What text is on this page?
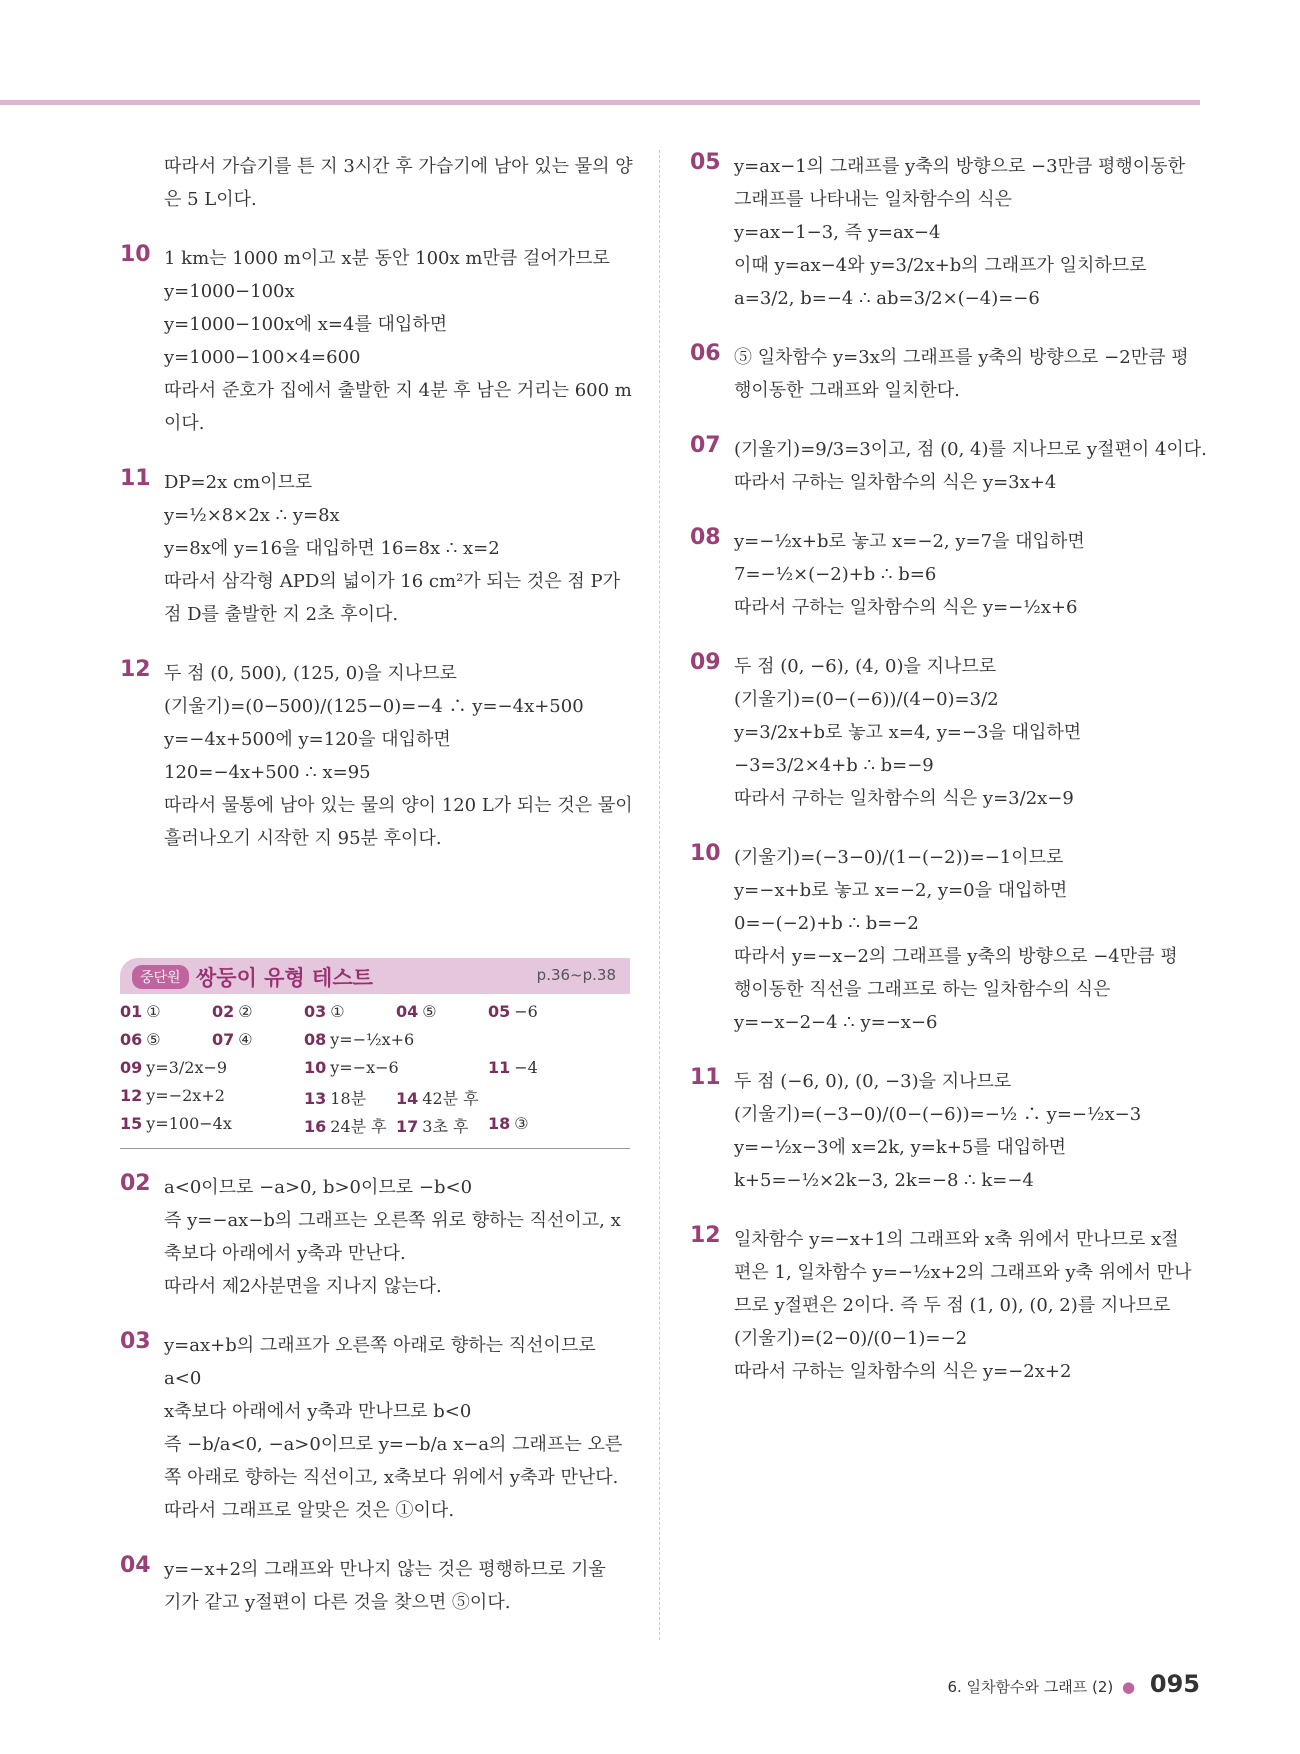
따라서 가습기를 튼 지 3시간 후 가습기에 남아 있는 물의 양
은 5 L이다.
10 1 km는 1000 m이고 x분 동안 100x m만큼 걸어가므로
y=1000−100x
y=1000−100x에 x=4를 대입하면
y=1000−100×4=600
따라서 준호가 집에서 출발한 지 4분 후 남은 거리는 600 m
이다.
11 DP=2x cm이므로
y=½×8×2x ∴ y=8x
y=8x에 y=16을 대입하면 16=8x ∴ x=2
따라서 삼각형 APD의 넓이가 16 cm²가 되는 것은 점 P가
점 D를 출발한 지 2초 후이다.
12 두 점 (0, 500), (125, 0)을 지나므로
(기울기)=(0−500)/(125−0)=−4 ∴ y=−4x+500
y=−4x+500에 y=120을 대입하면
120=−4x+500 ∴ x=95
따라서 물통에 남아 있는 물의 양이 120 L가 되는 것은 물이
흘러나오기 시작한 지 95분 후이다.
중단원 쌍둥이 유형 테스트	p.36~p.38
01 ①	02 ②	03 ①	04 ⑤	05 −6
06 ⑤	07 ④	08 y=−½x+6
09 y=3/2x−9	10 y=−x−6	11 −4
12 y=−2x+2	13 18분 14 42분 후
15 y=100−4x	16 24분 후 17 3초 후 18 ③
02 a<0이므로 −a>0, b>0이므로 −b<0
즉 y=−ax−b의 그래프는 오른쪽 위로 향하는 직선이고, x
축보다 아래에서 y축과 만난다.
따라서 제2사분면을 지나지 않는다.
03 y=ax+b의 그래프가 오른쪽 아래로 향하는 직선이므로
a<0
x축보다 아래에서 y축과 만나므로 b<0
즉 −b/a<0, −a>0이므로 y=−b/a x−a의 그래프는 오른
쪽 아래로 향하는 직선이고, x축보다 위에서 y축과 만난다.
따라서 그래프로 알맞은 것은 ①이다.
04 y=−x+2의 그래프와 만나지 않는 것은 평행하므로 기울
기가 같고 y절편이 다른 것을 찾으면 ⑤이다.
05 y=ax−1의 그래프를 y축의 방향으로 −3만큼 평행이동한
그래프를 나타내는 일차함수의 식은
y=ax−1−3, 즉 y=ax−4
이때 y=ax−4와 y=3/2x+b의 그래프가 일치하므로
a=3/2, b=−4 ∴ ab=3/2×(−4)=−6
06 ⑤ 일차함수 y=3x의 그래프를 y축의 방향으로 −2만큼 평
행이동한 그래프와 일치한다.
07 (기울기)=9/3=3이고, 점 (0, 4)를 지나므로 y절편이 4이다.
따라서 구하는 일차함수의 식은 y=3x+4
08 y=−½x+b로 놓고 x=−2, y=7을 대입하면
7=−½×(−2)+b ∴ b=6
따라서 구하는 일차함수의 식은 y=−½x+6
09 두 점 (0, −6), (4, 0)을 지나므로
(기울기)=(0−(−6))/(4−0)=3/2
y=3/2x+b로 놓고 x=4, y=−3을 대입하면
−3=3/2×4+b ∴ b=−9
따라서 구하는 일차함수의 식은 y=3/2x−9
10 (기울기)=(−3−0)/(1−(−2))=−1이므로
y=−x+b로 놓고 x=−2, y=0을 대입하면
0=−(−2)+b ∴ b=−2
따라서 y=−x−2의 그래프를 y축의 방향으로 −4만큼 평
행이동한 직선을 그래프로 하는 일차함수의 식은
y=−x−2−4 ∴ y=−x−6
11 두 점 (−6, 0), (0, −3)을 지나므로
(기울기)=(−3−0)/(0−(−6))=−½ ∴ y=−½x−3
y=−½x−3에 x=2k, y=k+5를 대입하면
k+5=−½×2k−3, 2k=−8 ∴ k=−4
12 일차함수 y=−x+1의 그래프와 x축 위에서 만나므로 x절
편은 1, 일차함수 y=−½x+2의 그래프와 y축 위에서 만나
므로 y절편은 2이다. 즉 두 점 (1, 0), (0, 2)를 지나므로
(기울기)=(2−0)/(0−1)=−2
따라서 구하는 일차함수의 식은 y=−2x+2
6. 일차함수와 그래프 (2) ● 095
